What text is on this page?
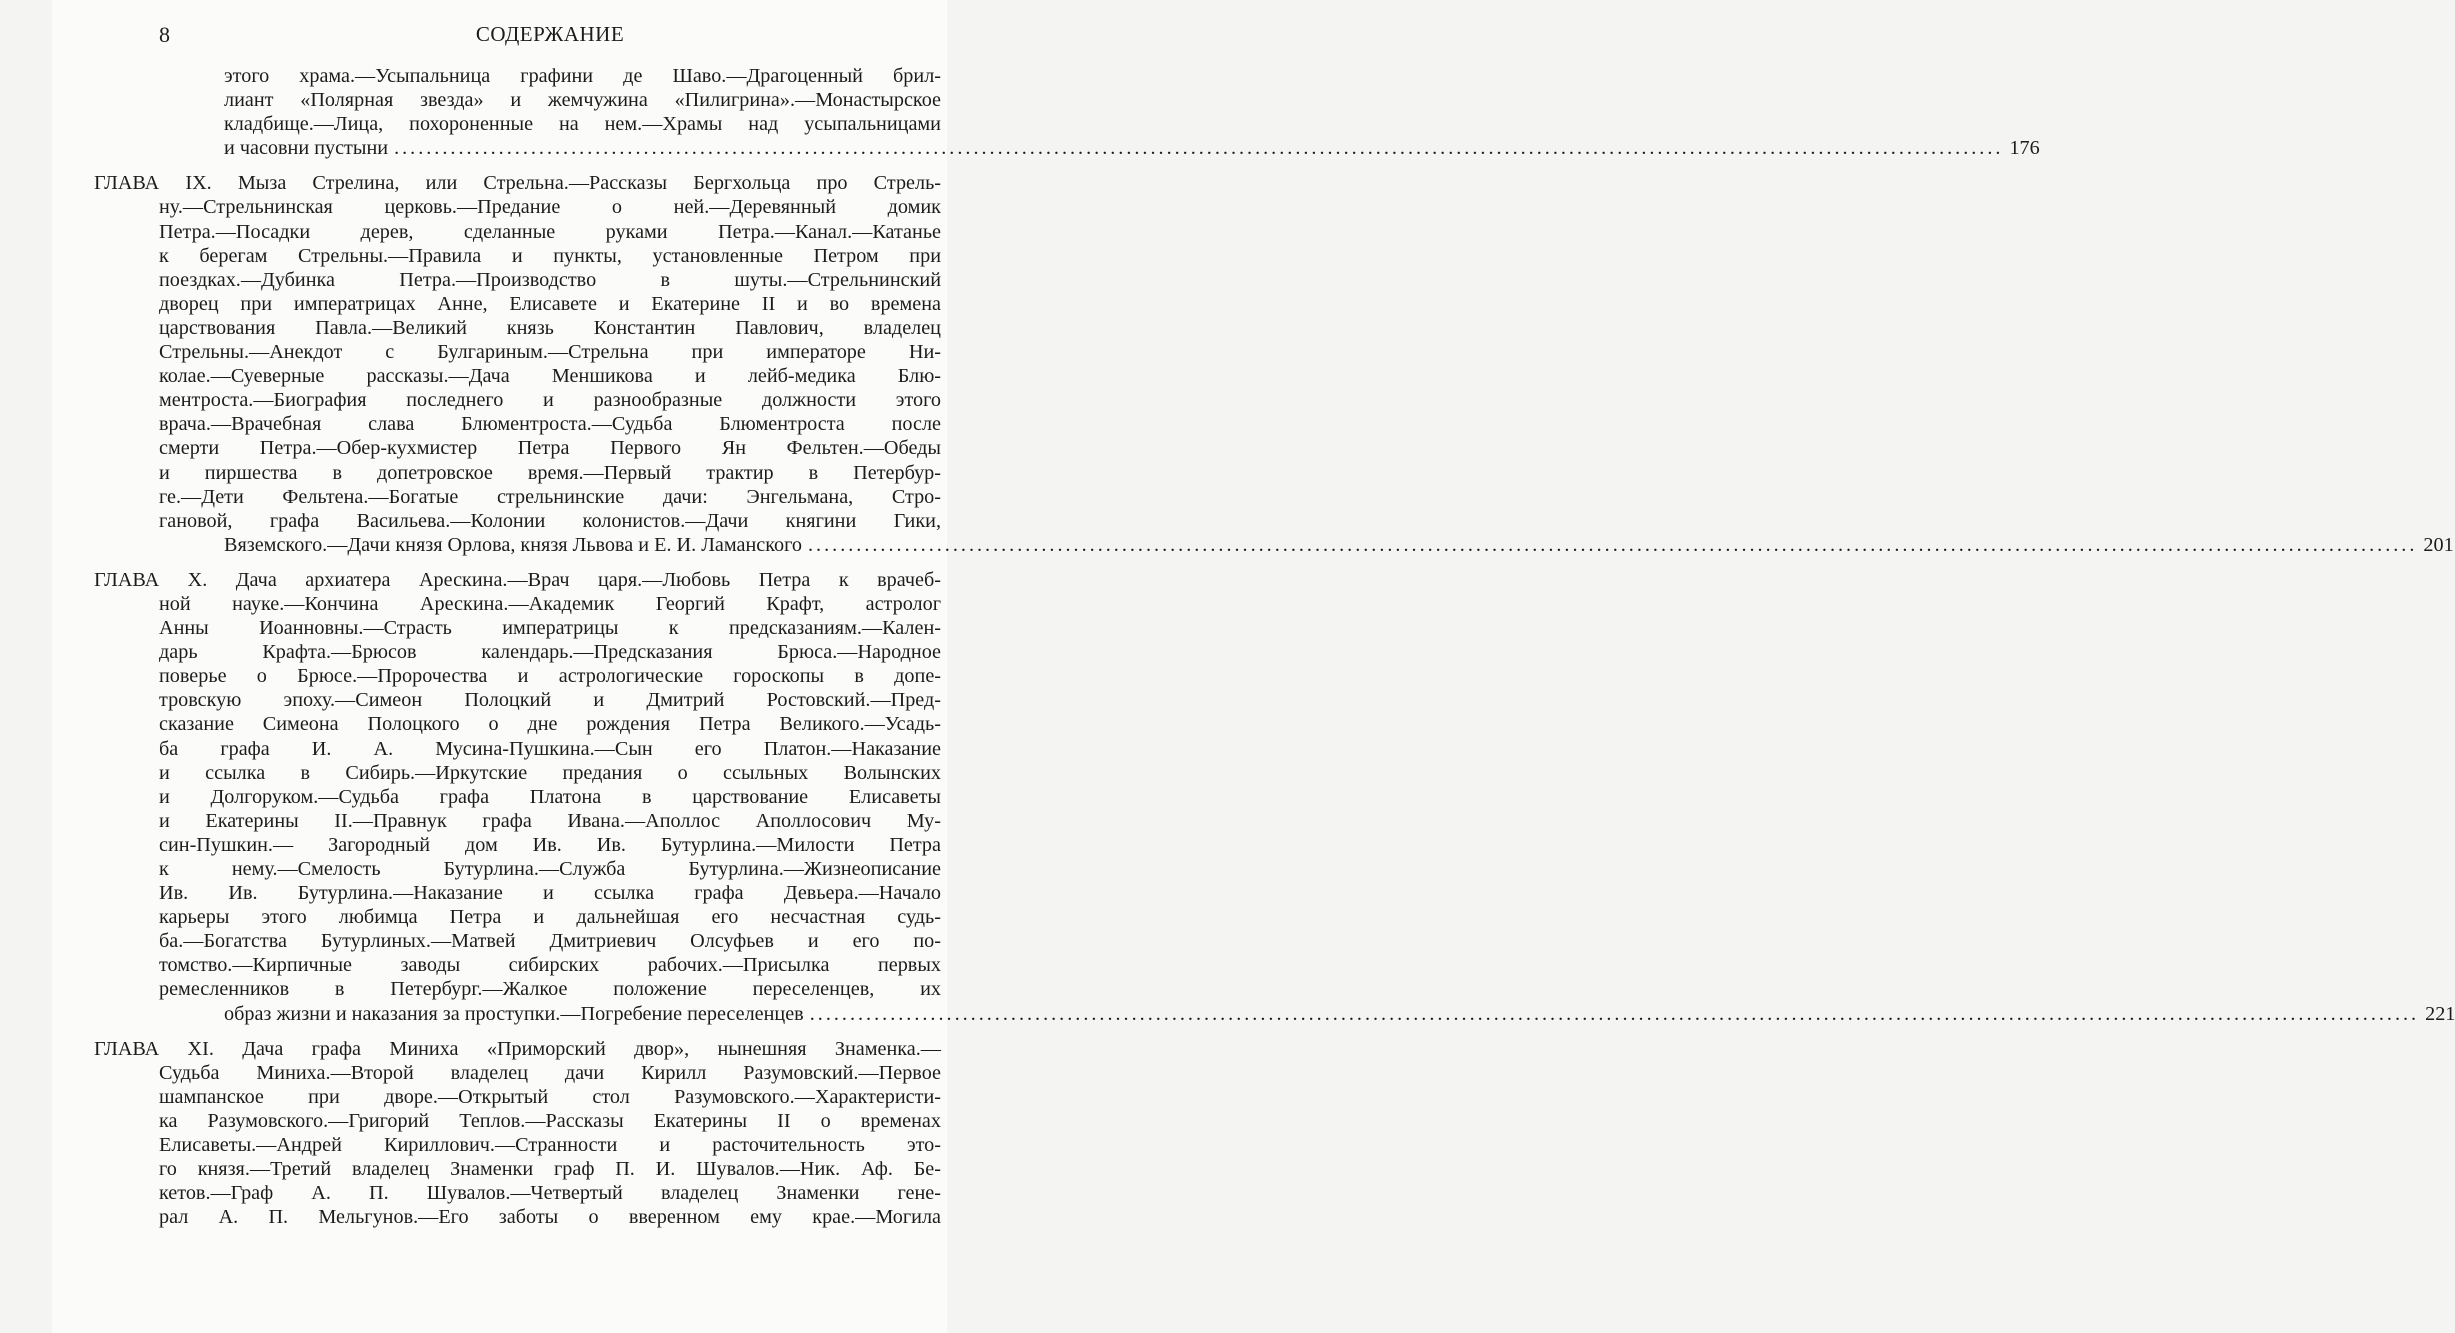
8	СОДЕРЖАНИЕ
этого храма.—Усыпальница графини де Шаво.—Драгоценный брил-
лиант «Полярная звезда» и жемчужина «Пилигрина».—Монастырское
кладбище.—Лица, похороненные на нем.—Храмы над усыпальницами
и часовни пустыни ........................................................................................................................................................................................................ 176
ГЛАВА IX. Мыза Стрелина, или Стрельна.—Рассказы Бергхольца про Стрель-
ну.—Стрельнинская церковь.—Предание о ней.—Деревянный домик
Петра.—Посадки дерев, сделанные руками Петра.—Канал.—Катанье
к берегам Стрельны.—Правила и пункты, установленные Петром при
поездках.—Дубинка Петра.—Производство в шуты.—Стрельнинский
дворец при императрицах Анне, Елисавете и Екатерине II и во времена
царствования Павла.—Великий князь Константин Павлович, владелец
Стрельны.—Анекдот с Булгариным.—Стрельна при императоре Ни-
колае.—Суеверные рассказы.—Дача Меншикова и лейб-медика Блю-
ментроста.—Биография последнего и разнообразные должности этого
врача.—Врачебная слава Блюментроста.—Судьба Блюментроста после
смерти Петра.—Обер-кухмистер Петра Первого Ян Фельтен.—Обеды
и пиршества в допетровское время.—Первый трактир в Петербур-
ге.—Дети Фельтена.—Богатые стрельнинские дачи: Энгельмана, Стро-
гановой, графа Васильева.—Колонии колонистов.—Дачи княгини Гики,
Вяземского.—Дачи князя Орлова, князя Львова и Е. И. Ламанского ........................................................................................................................................................................................................ 201
ГЛАВА X. Дача архиатера Арескина.—Врач царя.—Любовь Петра к врачеб-
ной науке.—Кончина Арескина.—Академик Георгий Крафт, астролог
Анны Иоанновны.—Страсть императрицы к предсказаниям.—Кален-
дарь Крафта.—Брюсов календарь.—Предсказания Брюса.—Народное
поверье о Брюсе.—Пророчества и астрологические гороскопы в допе-
тровскую эпоху.—Симеон Полоцкий и Дмитрий Ростовский.—Пред-
сказание Симеона Полоцкого о дне рождения Петра Великого.—Усадь-
ба графа И. А. Мусина-Пушкина.—Сын его Платон.—Наказание
и ссылка в Сибирь.—Иркутские предания о ссыльных Волынских
и Долгоруком.—Судьба графа Платона в царствование Елисаветы
и Екатерины II.—Правнук графа Ивана.—Аполлос Аполлосович Му-
син-Пушкин.— Загородный дом Ив. Ив. Бутурлина.—Милости Петра
к нему.—Смелость Бутурлина.—Служба Бутурлина.—Жизнеописание
Ив. Ив. Бутурлина.—Наказание и ссылка графа Девьера.—Начало
карьеры этого любимца Петра и дальнейшая его несчастная судь-
ба.—Богатства Бутурлиных.—Матвей Дмитриевич Олсуфьев и его по-
томство.—Кирпичные заводы сибирских рабочих.—Присылка первых
ремесленников в Петербург.—Жалкое положение переселенцев, их
образ жизни и наказания за проступки.—Погребение переселенцев ........................................................................................................................................................................................................ 221
ГЛАВА XI. Дача графа Миниха «Приморский двор», нынешняя Знаменка.—
Судьба Миниха.—Второй владелец дачи Кирилл Разумовский.—Первое
шампанское при дворе.—Открытый стол Разумовского.—Характеристи-
ка Разумовского.—Григорий Теплов.—Рассказы Екатерины II о временах
Елисаветы.—Андрей Кириллович.—Странности и расточительность это-
го князя.—Третий владелец Знаменки граф П. И. Шувалов.—Ник. Аф. Бе-
кетов.—Граф А. П. Шувалов.—Четвертый владелец Знаменки гене-
рал А. П. Мельгунов.—Его заботы о вверенном ему крае.—Могила
